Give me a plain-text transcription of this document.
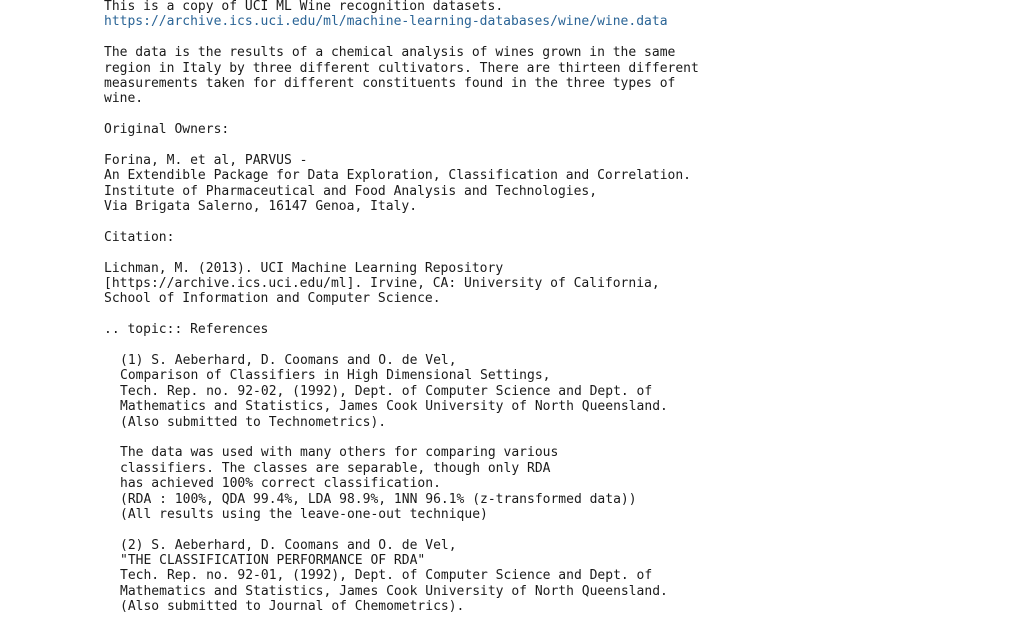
This is a copy of UCI ML Wine recognition datasets.
https://archive.ics.uci.edu/ml/machine-learning-databases/wine/wine.data
The data is the results of a chemical analysis of wines grown in the same
region in Italy by three different cultivators. There are thirteen different
measurements taken for different constituents found in the three types of
wine.
Original Owners:
Forina, M. et al, PARVUS -
An Extendible Package for Data Exploration, Classification and Correlation.
Institute of Pharmaceutical and Food Analysis and Technologies,
Via Brigata Salerno, 16147 Genoa, Italy.
Citation:
Lichman, M. (2013). UCI Machine Learning Repository
[https://archive.ics.uci.edu/ml]. Irvine, CA: University of California,
School of Information and Computer Science.
.. topic:: References
(1) S. Aeberhard, D. Coomans and O. de Vel,
Comparison of Classifiers in High Dimensional Settings,
Tech. Rep. no. 92-02, (1992), Dept. of Computer Science and Dept. of
Mathematics and Statistics, James Cook University of North Queensland.
(Also submitted to Technometrics).
The data was used with many others for comparing various
classifiers. The classes are separable, though only RDA
has achieved 100% correct classification.
(RDA : 100%, QDA 99.4%, LDA 98.9%, 1NN 96.1% (z-transformed data))
(All results using the leave-one-out technique)
(2) S. Aeberhard, D. Coomans and O. de Vel,
"THE CLASSIFICATION PERFORMANCE OF RDA"
Tech. Rep. no. 92-01, (1992), Dept. of Computer Science and Dept. of
Mathematics and Statistics, James Cook University of North Queensland.
(Also submitted to Journal of Chemometrics).
